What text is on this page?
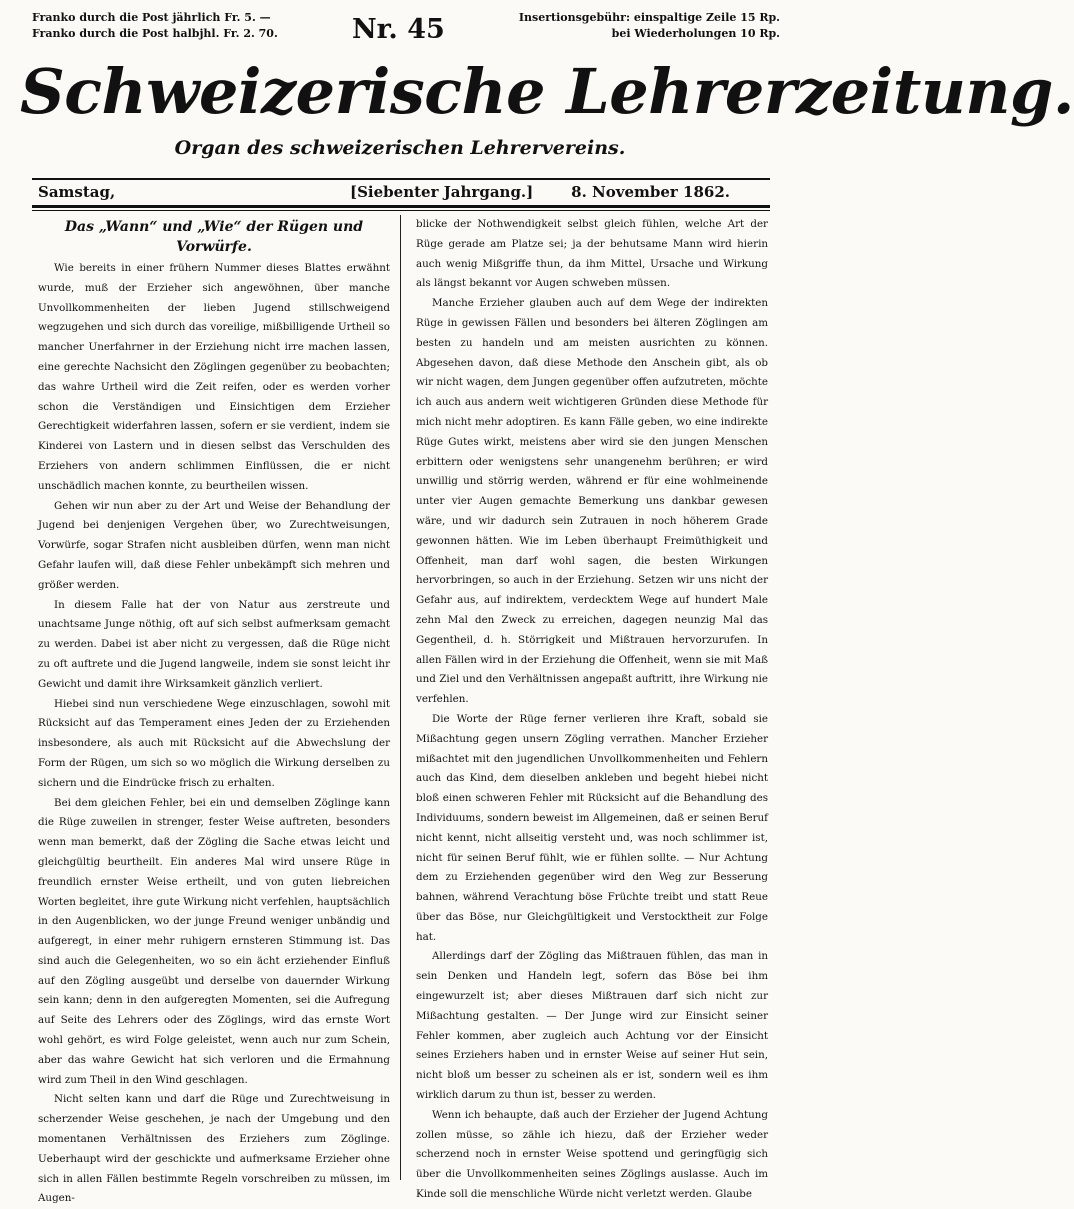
Franko durch die Post jährlich Fr. 5. —
Franko durch die Post halbjhl. Fr. 2. 70.	Nr. 45	Insertionsgebühr: einspaltige Zeile 15 Rp.
bei Wiederholungen 10 Rp.
Schweizerische Lehrerzeitung.
Organ des schweizerischen Lehrervereins.
Samstag,	[Siebenter Jahrgang.]	8. November 1862.
Das „Wann“ und „Wie“ der Rügen und Vorwürfe.

Wie bereits in einer frühern Nummer dieses Blattes erwähnt wurde, muß der Erzieher sich angewöhnen, über manche Unvollkommenheiten der lieben Jugend stillschweigend wegzugehen und sich durch das voreilige, mißbilligende Urtheil so mancher Unerfahrner in der Erziehung nicht irre machen lassen, eine gerechte Nachsicht den Zöglingen gegenüber zu beobachten; das wahre Urtheil wird die Zeit reifen, oder es werden vorher schon die Verständigen und Einsichtigen dem Erzieher Gerechtigkeit widerfahren lassen, sofern er sie verdient, indem sie Kinderei von Lastern und in diesen selbst das Verschulden des Erziehers von andern schlimmen Einflüssen, die er nicht unschädlich machen konnte, zu beurtheilen wissen.

Gehen wir nun aber zu der Art und Weise der Behandlung der Jugend bei denjenigen Vergehen über, wo Zurechtweisungen, Vorwürfe, sogar Strafen nicht ausbleiben dürfen, wenn man nicht Gefahr laufen will, daß diese Fehler unbekämpft sich mehren und größer werden.

In diesem Falle hat der von Natur aus zerstreute und unachtsame Junge nöthig, oft auf sich selbst aufmerksam gemacht zu werden. Dabei ist aber nicht zu vergessen, daß die Rüge nicht zu oft auftrete und die Jugend langweile, indem sie sonst leicht ihr Gewicht und damit ihre Wirksamkeit gänzlich verliert.

Hiebei sind nun verschiedene Wege einzuschlagen, sowohl mit Rücksicht auf das Temperament eines Jeden der zu Erziehenden insbesondere, als auch mit Rücksicht auf die Abwechslung der Form der Rügen, um sich so wo möglich die Wirkung derselben zu sichern und die Eindrücke frisch zu erhalten.

Bei dem gleichen Fehler, bei ein und demselben Zöglinge kann die Rüge zuweilen in strenger, fester Weise auftreten, besonders wenn man bemerkt, daß der Zögling die Sache etwas leicht und gleichgültig beurtheilt. Ein anderes Mal wird unsere Rüge in freundlich ernster Weise ertheilt, und von guten liebreichen Worten begleitet, ihre gute Wirkung nicht verfehlen, hauptsächlich in den Augenblicken, wo der junge Freund weniger unbändig und aufgeregt, in einer mehr ruhigern ernsteren Stimmung ist. Das sind auch die Gelegenheiten, wo so ein ächt erziehender Einfluß auf den Zögling ausgeübt und derselbe von dauernder Wirkung sein kann; denn in den aufgeregten Momenten, sei die Aufregung auf Seite des Lehrers oder des Zöglings, wird das ernste Wort wohl gehört, es wird Folge geleistet, wenn auch nur zum Schein, aber das wahre Gewicht hat sich verloren und die Ermahnung wird zum Theil in den Wind geschlagen.

Nicht selten kann und darf die Rüge und Zurechtweisung in scherzender Weise geschehen, je nach der Umgebung und den momentanen Verhältnissen des Erziehers zum Zöglinge. Ueberhaupt wird der geschickte und aufmerksame Erzieher ohne sich in allen Fällen bestimmte Regeln vorschreiben zu müssen, im Augen-

blicke der Nothwendigkeit selbst gleich fühlen, welche Art der Rüge gerade am Platze sei; ja der behutsame Mann wird hierin auch wenig Mißgriffe thun, da ihm Mittel, Ursache und Wirkung als längst bekannt vor Augen schweben müssen.

Manche Erzieher glauben auch auf dem Wege der indirekten Rüge in gewissen Fällen und besonders bei älteren Zöglingen am besten zu handeln und am meisten ausrichten zu können. Abgesehen davon, daß diese Methode den Anschein gibt, als ob wir nicht wagen, dem Jungen gegenüber offen aufzutreten, möchte ich auch aus andern weit wichtigeren Gründen diese Methode für mich nicht mehr adoptiren. Es kann Fälle geben, wo eine indirekte Rüge Gutes wirkt, meistens aber wird sie den jungen Menschen erbittern oder wenigstens sehr unangenehm berühren; er wird unwillig und störrig werden, während er für eine wohlmeinende unter vier Augen gemachte Bemerkung uns dankbar gewesen wäre, und wir dadurch sein Zutrauen in noch höherem Grade gewonnen hätten. Wie im Leben überhaupt Freimüthigkeit und Offenheit, man darf wohl sagen, die besten Wirkungen hervorbringen, so auch in der Erziehung. Setzen wir uns nicht der Gefahr aus, auf indirektem, verdecktem Wege auf hundert Male zehn Mal den Zweck zu erreichen, dagegen neunzig Mal das Gegentheil, d. h. Störrigkeit und Mißtrauen hervorzurufen. In allen Fällen wird in der Erziehung die Offenheit, wenn sie mit Maß und Ziel und den Verhältnissen angepaßt auftritt, ihre Wirkung nie verfehlen.

Die Worte der Rüge ferner verlieren ihre Kraft, sobald sie Mißachtung gegen unsern Zögling verrathen. Mancher Erzieher mißachtet mit den jugendlichen Unvollkommenheiten und Fehlern auch das Kind, dem dieselben ankleben und begeht hiebei nicht bloß einen schweren Fehler mit Rücksicht auf die Behandlung des Individuums, sondern beweist im Allgemeinen, daß er seinen Beruf nicht kennt, nicht allseitig versteht und, was noch schlimmer ist, nicht für seinen Beruf fühlt, wie er fühlen sollte. — Nur Achtung dem zu Erziehenden gegenüber wird den Weg zur Besserung bahnen, während Verachtung böse Früchte treibt und statt Reue über das Böse, nur Gleichgültigkeit und Verstocktheit zur Folge hat.

Allerdings darf der Zögling das Mißtrauen fühlen, das man in sein Denken und Handeln legt, sofern das Böse bei ihm eingewurzelt ist; aber dieses Mißtrauen darf sich nicht zur Mißachtung gestalten. — Der Junge wird zur Einsicht seiner Fehler kommen, aber zugleich auch Achtung vor der Einsicht seines Erziehers haben und in ernster Weise auf seiner Hut sein, nicht bloß um besser zu scheinen als er ist, sondern weil es ihm wirklich darum zu thun ist, besser zu werden.

Wenn ich behaupte, daß auch der Erzieher der Jugend Achtung zollen müsse, so zähle ich hiezu, daß der Erzieher weder scherzend noch in ernster Weise spottend und geringfügig sich über die Unvollkommenheiten seines Zöglings auslasse. Auch im Kinde soll die menschliche Würde nicht verletzt werden. Glaube
